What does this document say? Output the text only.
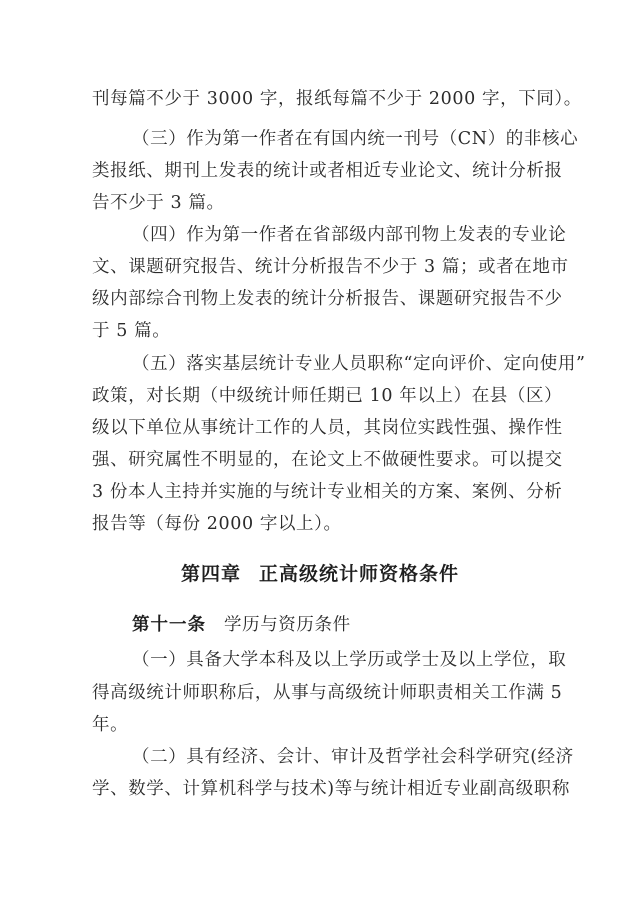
刊每篇不少于 3000 字，报纸每篇不少于 2000 字，下同）。
（三）作为第一作者在有国内统一刊号（CN）的非核心
类报纸、期刊上发表的统计或者相近专业论文、统计分析报
告不少于 3 篇。
（四）作为第一作者在省部级内部刊物上发表的专业论
文、课题研究报告、统计分析报告不少于 3 篇；或者在地市
级内部综合刊物上发表的统计分析报告、课题研究报告不少
于 5 篇。
（五）落实基层统计专业人员职称“定向评价、定向使用”
政策，对长期（中级统计师任期已 10 年以上）在县（区）
级以下单位从事统计工作的人员，其岗位实践性强、操作性
强、研究属性不明显的，在论文上不做硬性要求。可以提交
3 份本人主持并实施的与统计专业相关的方案、案例、分析
报告等（每份 2000 字以上）。
第四章 正高级统计师资格条件
第十一条 学历与资历条件
（一）具备大学本科及以上学历或学士及以上学位，取
得高级统计师职称后，从事与高级统计师职责相关工作满 5
年。
（二）具有经济、会计、审计及哲学社会科学研究(经济
学、数学、计算机科学与技术)等与统计相近专业副高级职称
